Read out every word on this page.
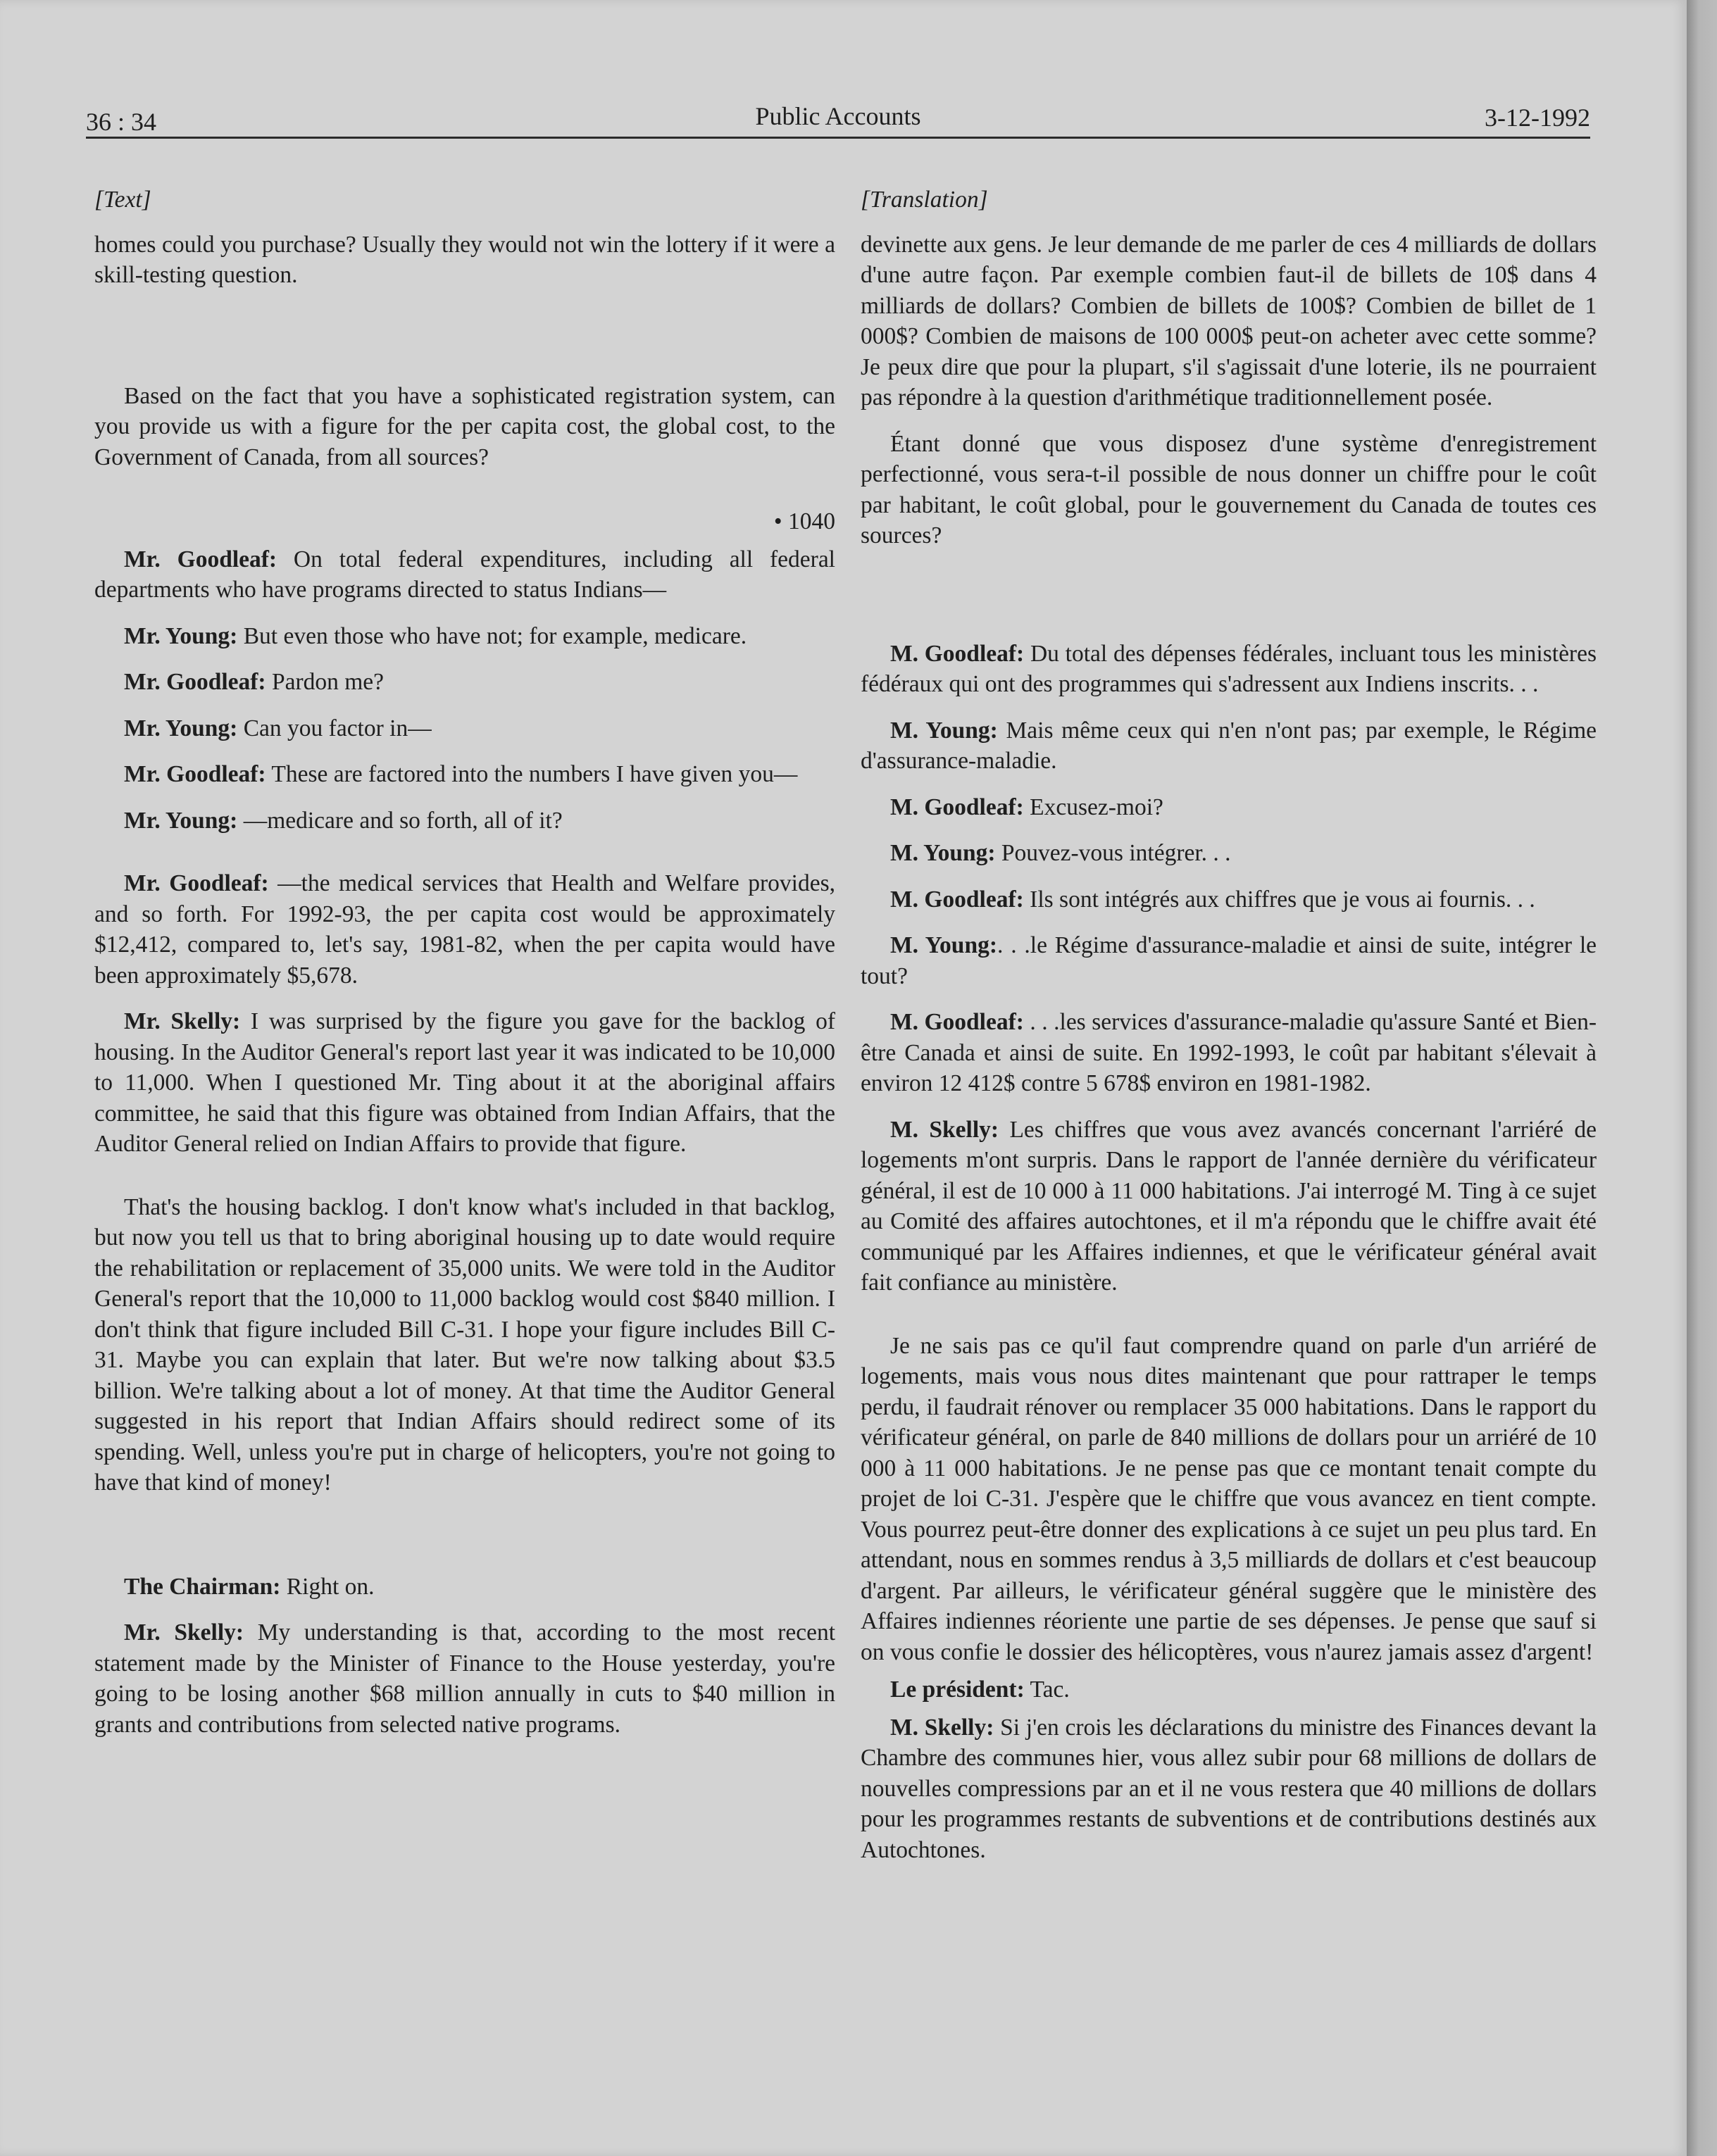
36 : 34	Public Accounts	3-12-1992

[Text]

homes could you purchase? Usually they would not win the lottery if it were a skill-testing question.

Based on the fact that you have a sophisticated registration system, can you provide us with a figure for the per capita cost, the global cost, to the Government of Canada, from all sources?

• 1040

Mr. Goodleaf: On total federal expenditures, including all federal departments who have programs directed to status Indians—

Mr. Young: But even those who have not; for example, medicare.

Mr. Goodleaf: Pardon me?

Mr. Young: Can you factor in—

Mr. Goodleaf: These are factored into the numbers I have given you—

Mr. Young: —medicare and so forth, all of it?

Mr. Goodleaf: —the medical services that Health and Welfare provides, and so forth. For 1992-93, the per capita cost would be approximately $12,412, compared to, let's say, 1981-82, when the per capita would have been approximately $5,678.

Mr. Skelly: I was surprised by the figure you gave for the backlog of housing. In the Auditor General's report last year it was indicated to be 10,000 to 11,000. When I questioned Mr. Ting about it at the aboriginal affairs committee, he said that this figure was obtained from Indian Affairs, that the Auditor General relied on Indian Affairs to provide that figure.

That's the housing backlog. I don't know what's included in that backlog, but now you tell us that to bring aboriginal housing up to date would require the rehabilitation or replacement of 35,000 units. We were told in the Auditor General's report that the 10,000 to 11,000 backlog would cost $840 million. I don't think that figure included Bill C-31. I hope your figure includes Bill C-31. Maybe you can explain that later. But we're now talking about $3.5 billion. We're talking about a lot of money. At that time the Auditor General suggested in his report that Indian Affairs should redirect some of its spending. Well, unless you're put in charge of helicopters, you're not going to have that kind of money!

The Chairman: Right on.

Mr. Skelly: My understanding is that, according to the most recent statement made by the Minister of Finance to the House yesterday, you're going to be losing another $68 million annually in cuts to $40 million in grants and contributions from selected native programs.

[Translation]

devinette aux gens. Je leur demande de me parler de ces 4 milliards de dollars d'une autre façon. Par exemple combien faut-il de billets de 10$ dans 4 milliards de dollars? Combien de billets de 100$? Combien de billet de 1 000$? Combien de maisons de 100 000$ peut-on acheter avec cette somme? Je peux dire que pour la plupart, s'il s'agissait d'une loterie, ils ne pourraient pas répondre à la question d'arithmétique traditionnellement posée.

Étant donné que vous disposez d'une système d'enregistrement perfectionné, vous sera-t-il possible de nous donner un chiffre pour le coût par habitant, le coût global, pour le gouvernement du Canada de toutes ces sources?

M. Goodleaf: Du total des dépenses fédérales, incluant tous les ministères fédéraux qui ont des programmes qui s'adressent aux Indiens inscrits. . .

M. Young: Mais même ceux qui n'en n'ont pas; par exemple, le Régime d'assurance-maladie.

M. Goodleaf: Excusez-moi?

M. Young: Pouvez-vous intégrer. . .

M. Goodleaf: Ils sont intégrés aux chiffres que je vous ai fournis. . .

M. Young:. . .le Régime d'assurance-maladie et ainsi de suite, intégrer le tout?

M. Goodleaf: . . .les services d'assurance-maladie qu'assure Santé et Bien-être Canada et ainsi de suite. En 1992-1993, le coût par habitant s'élevait à environ 12 412$ contre 5 678$ environ en 1981-1982.

M. Skelly: Les chiffres que vous avez avancés concernant l'arriéré de logements m'ont surpris. Dans le rapport de l'année dernière du vérificateur général, il est de 10 000 à 11 000 habitations. J'ai interrogé M. Ting à ce sujet au Comité des affaires autochtones, et il m'a répondu que le chiffre avait été communiqué par les Affaires indiennes, et que le vérificateur général avait fait confiance au ministère.

Je ne sais pas ce qu'il faut comprendre quand on parle d'un arriéré de logements, mais vous nous dites maintenant que pour rattraper le temps perdu, il faudrait rénover ou remplacer 35 000 habitations. Dans le rapport du vérificateur général, on parle de 840 millions de dollars pour un arriéré de 10 000 à 11 000 habitations. Je ne pense pas que ce montant tenait compte du projet de loi C-31. J'espère que le chiffre que vous avancez en tient compte. Vous pourrez peut-être donner des explications à ce sujet un peu plus tard. En attendant, nous en sommes rendus à 3,5 milliards de dollars et c'est beaucoup d'argent. Par ailleurs, le vérificateur général suggère que le ministère des Affaires indiennes réoriente une partie de ses dépenses. Je pense que sauf si on vous confie le dossier des hélicoptères, vous n'aurez jamais assez d'argent!

Le président: Tac.

M. Skelly: Si j'en crois les déclarations du ministre des Finances devant la Chambre des communes hier, vous allez subir pour 68 millions de dollars de nouvelles compressions par an et il ne vous restera que 40 millions de dollars pour les programmes restants de subventions et de contributions destinés aux Autochtones.
